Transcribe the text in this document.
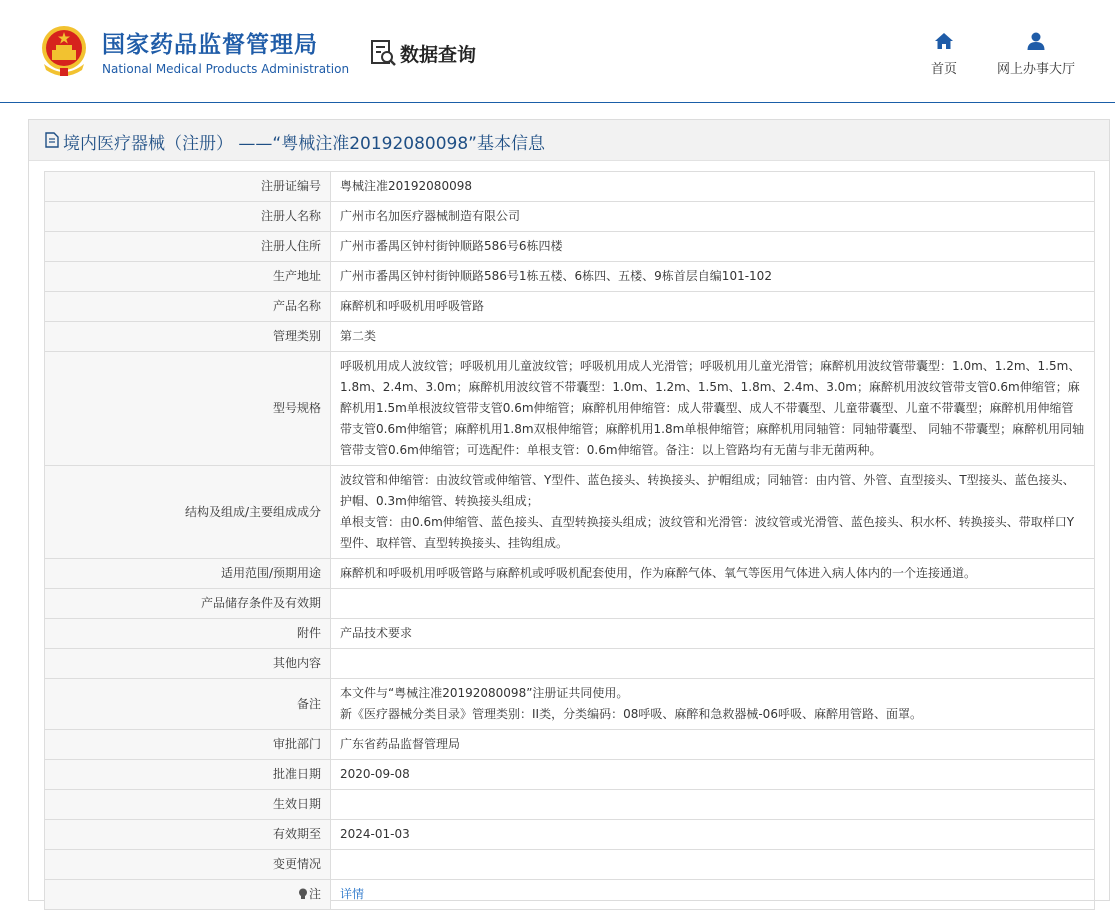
国家药品监督管理局
National Medical Products Administration
数据查询
首页	网上办事大厅
境内医疗器械（注册） ——“粤械注准20192080098”基本信息
注册证编号	粤械注准20192080098
注册人名称	广州市名加医疗器械制造有限公司
注册人住所	广州市番禺区钟村街钟顺路586号6栋四楼
生产地址	广州市番禺区钟村街钟顺路586号1栋五楼、6栋四、五楼、9栋首层自编101-102
产品名称	麻醉机和呼吸机用呼吸管路
管理类别	第二类
型号规格	呼吸机用成人波纹管；呼吸机用儿童波纹管；呼吸机用成人光滑管；呼吸机用儿童光滑管；麻醉机用波纹管带囊型：1.0m、1.2m、1.5m、1.8m、2.4m、3.0m；麻醉机用波纹管不带囊型：1.0m、1.2m、1.5m、1.8m、2.4m、3.0m；麻醉机用波纹管带支管0.6m伸缩管；麻醉机用1.5m单根波纹管带支管0.6m伸缩管；麻醉机用伸缩管：成人带囊型、成人不带囊型、儿童带囊型、儿童不带囊型；麻醉机用伸缩管带支管0.6m伸缩管；麻醉机用1.8m双根伸缩管；麻醉机用1.8m单根伸缩管；麻醉机用同轴管：同轴带囊型、 同轴不带囊型；麻醉机用同轴管带支管0.6m伸缩管；可选配件：单根支管：0.6m伸缩管。备注：以上管路均有无菌与非无菌两种。
结构及组成/主要组成成分	波纹管和伸缩管：由波纹管或伸缩管、Y型件、蓝色接头、转换接头、护帽组成；同轴管：由内管、外管、直型接头、T型接头、蓝色接头、护帽、0.3m伸缩管、转换接头组成；
单根支管：由0.6m伸缩管、蓝色接头、直型转换接头组成；波纹管和光滑管：波纹管或光滑管、蓝色接头、积水杯、转换接头、带取样口Y型件、取样管、直型转换接头、挂钩组成。

适用范围/预期用途	麻醉机和呼吸机用呼吸管路与麻醉机或呼吸机配套使用，作为麻醉气体、氧气等医用气体进入病人体内的一个连接通道。
产品储存条件及有效期	
附件	产品技术要求
其他内容	
备注	本文件与“粤械注准20192080098”注册证共同使用。
新《医疗器械分类目录》管理类别：II类，分类编码：08呼吸、麻醉和急救器械-06呼吸、麻醉用管路、面罩。

审批部门	广东省药品监督管理局
批准日期	2020-09-08
生效日期	
有效期至	2024-01-03
变更情况	
注	详情
